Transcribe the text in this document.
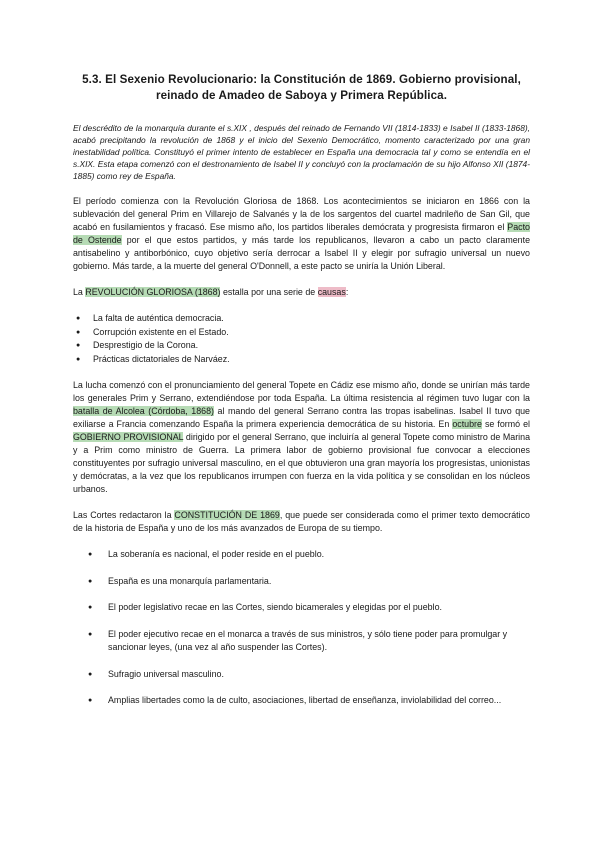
5.3. El Sexenio Revolucionario: la Constitución de 1869. Gobierno provisional, reinado de Amadeo de Saboya y Primera República.

El descrédito de la monarquía durante el s.XIX , después del reinado de Fernando VII (1814-1833) e Isabel II (1833-1868), acabó precipitando la revolución de 1868 y el inicio del Sexenio Democrático, momento caracterizado por una gran inestabilidad política. Constituyó el primer intento de establecer en España una democracia tal y como se entendía en el s.XIX. Esta etapa comenzó con el destronamiento de Isabel II y concluyó con la proclamación de su hijo Alfonso XII (1874-1885) como rey de España.

El período comienza con la Revolución Gloriosa de 1868. Los acontecimientos se iniciaron en 1866 con la sublevación del general Prim en Villarejo de Salvanés y la de los sargentos del cuartel madrileño de San Gil, que acabó en fusilamientos y fracasó. Ese mismo año, los partidos liberales demócrata y progresista firmaron el Pacto de Ostende por el que estos partidos, y más tarde los republicanos, llevaron a cabo un pacto claramente antisabelino y antiborbónico, cuyo objetivo sería derrocar a Isabel II y elegir por sufragio universal un nuevo gobierno. Más tarde, a la muerte del general O'Donnell, a este pacto se uniría la Unión Liberal.

La REVOLUCIÓN GLORIOSA (1868) estalla por una serie de causas:

● La falta de auténtica democracia.
● Corrupción existente en el Estado.
● Desprestigio de la Corona.
● Prácticas dictatoriales de Narváez.

La lucha comenzó con el pronunciamiento del general Topete en Cádiz ese mismo año, donde se unirían más tarde los generales Prim y Serrano, extendiéndose por toda España. La última resistencia al régimen tuvo lugar con la batalla de Alcolea (Córdoba, 1868) al mando del general Serrano contra las tropas isabelinas. Isabel II tuvo que exiliarse a Francia comenzando España la primera experiencia democrática de su historia. En octubre se formó el GOBIERNO PROVISIONAL dirigido por el general Serrano, que incluiría al general Topete como ministro de Marina y a Prim como ministro de Guerra. La primera labor de gobierno provisional fue convocar a elecciones constituyentes por sufragio universal masculino, en el que obtuvieron una gran mayoría los progresistas, unionistas y demócratas, a la vez que los republicanos irrumpen con fuerza en la vida política y se consolidan en los núcleos urbanos.

Las Cortes redactaron la CONSTITUCIÓN DE 1869, que puede ser considerada como el primer texto democrático de la historia de España y uno de los más avanzados de Europa de su tiempo.

● La soberanía es nacional, el poder reside en el pueblo.
● España es una monarquía parlamentaria.
● El poder legislativo recae en las Cortes, siendo bicamerales y elegidas por el pueblo.
● El poder ejecutivo recae en el monarca a través de sus ministros, y sólo tiene poder para promulgar y sancionar leyes, (una vez al año suspender las Cortes).
● Sufragio universal masculino.
● Amplias libertades como la de culto, asociaciones, libertad de enseñanza, inviolabilidad del correo...
